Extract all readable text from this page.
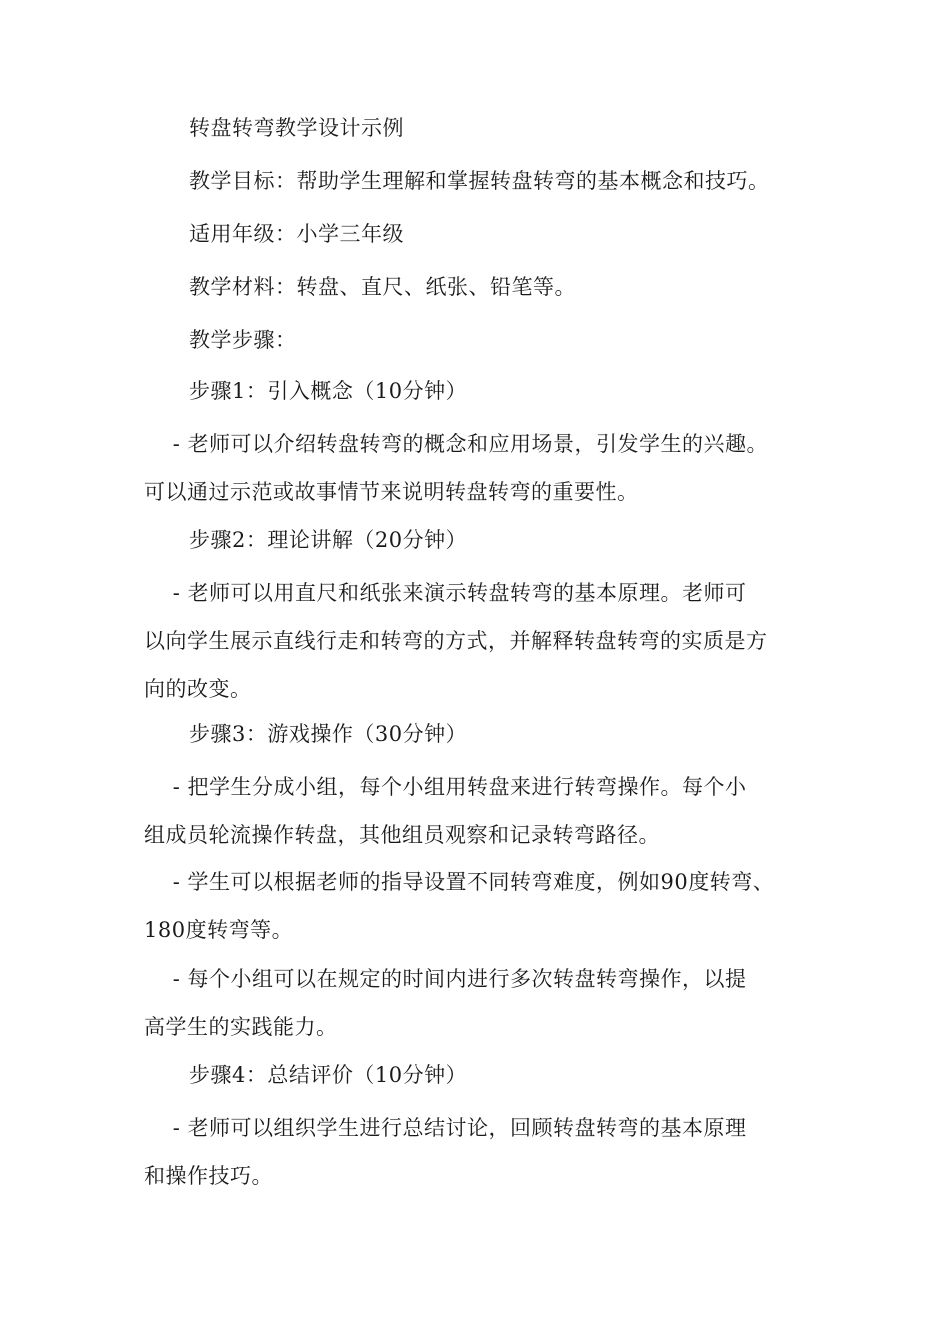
转盘转弯教学设计示例

教学目标：帮助学生理解和掌握转盘转弯的基本概念和技巧。

适用年级：小学三年级

教学材料：转盘、直尺、纸张、铅笔等。

教学步骤：

步骤1：引入概念（10分钟）

- 老师可以介绍转盘转弯的概念和应用场景，引发学生的兴趣。
可以通过示范或故事情节来说明转盘转弯的重要性。

步骤2：理论讲解（20分钟）

- 老师可以用直尺和纸张来演示转盘转弯的基本原理。老师可
以向学生展示直线行走和转弯的方式，并解释转盘转弯的实质是方
向的改变。

步骤3：游戏操作（30分钟）

- 把学生分成小组，每个小组用转盘来进行转弯操作。每个小
组成员轮流操作转盘，其他组员观察和记录转弯路径。

- 学生可以根据老师的指导设置不同转弯难度，例如90度转弯、
180度转弯等。

- 每个小组可以在规定的时间内进行多次转盘转弯操作，以提
高学生的实践能力。

步骤4：总结评价（10分钟）

- 老师可以组织学生进行总结讨论，回顾转盘转弯的基本原理
和操作技巧。
